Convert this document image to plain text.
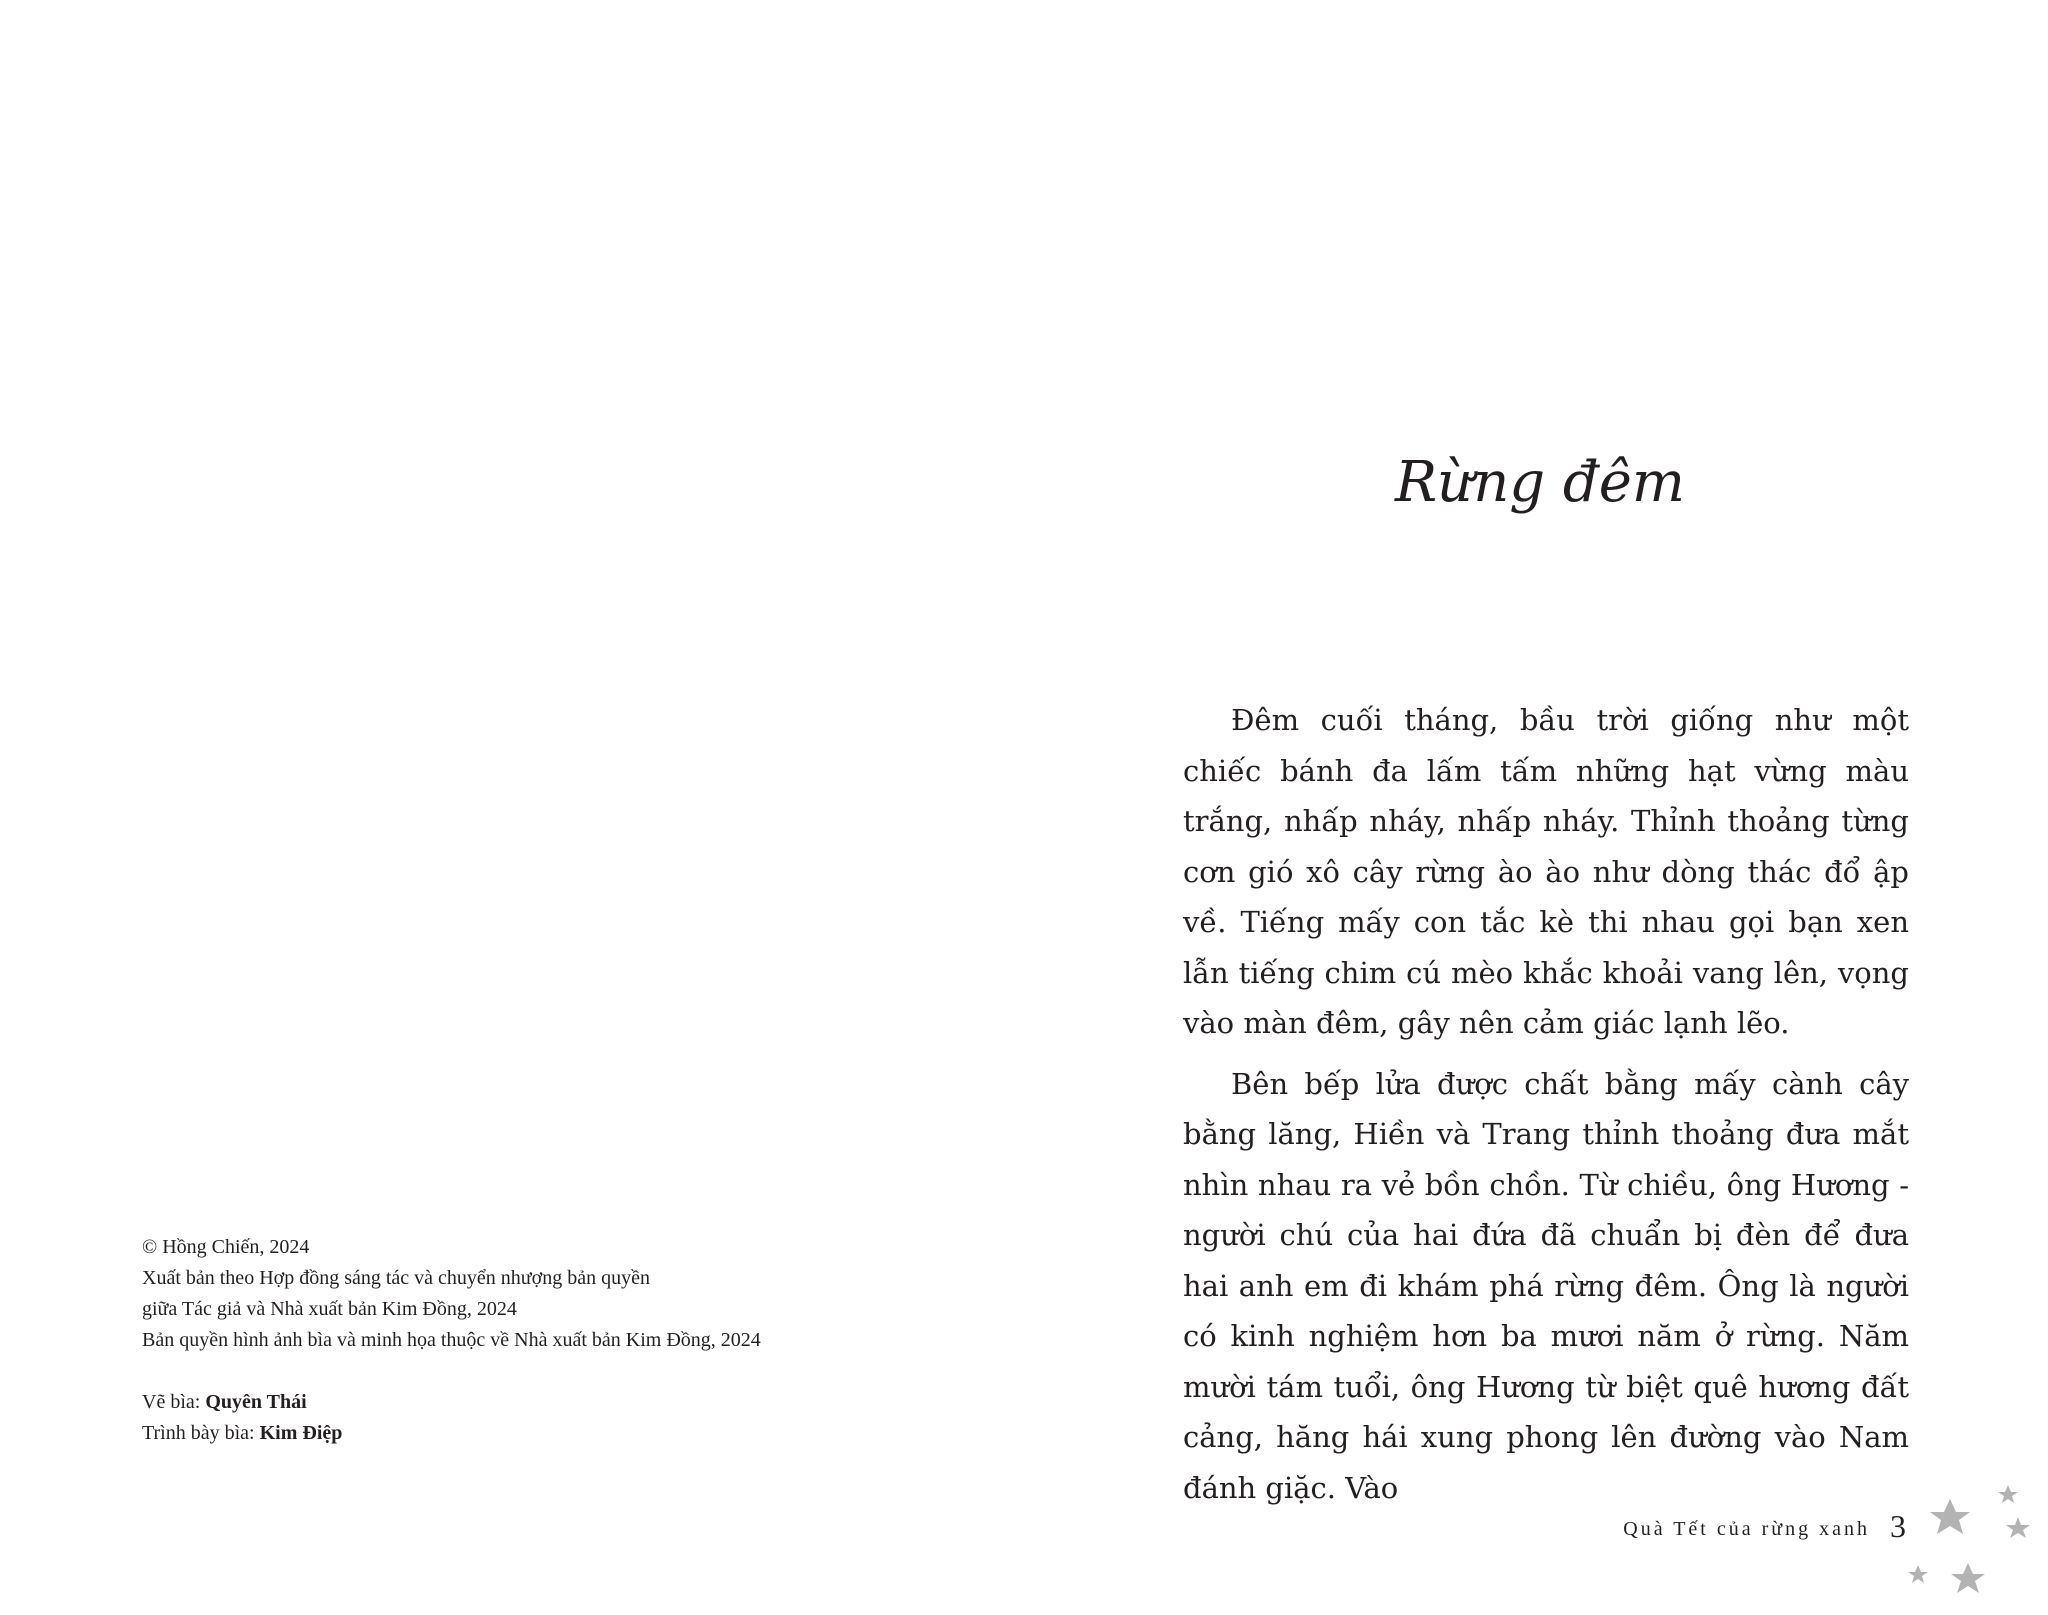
© Hồng Chiến, 2024
Xuất bản theo Hợp đồng sáng tác và chuyển nhượng bản quyền
giữa Tác giả và Nhà xuất bản Kim Đồng, 2024
Bản quyền hình ảnh bìa và minh họa thuộc về Nhà xuất bản Kim Đồng, 2024
Vẽ bìa: Quyên Thái
Trình bày bìa: Kim Điệp
Rừng đêm

Đêm cuối tháng, bầu trời giống như một chiếc bánh đa lấm tấm những hạt vừng màu trắng, nhấp nháy, nhấp nháy. Thỉnh thoảng từng cơn gió xô cây rừng ào ào như dòng thác đổ ập về. Tiếng mấy con tắc kè thi nhau gọi bạn xen lẫn tiếng chim cú mèo khắc khoải vang lên, vọng vào màn đêm, gây nên cảm giác lạnh lẽo.

Bên bếp lửa được chất bằng mấy cành cây bằng lăng, Hiền và Trang thỉnh thoảng đưa mắt nhìn nhau ra vẻ bồn chồn. Từ chiều, ông Hương - người chú của hai đứa đã chuẩn bị đèn để đưa hai anh em đi khám phá rừng đêm. Ông là người có kinh nghiệm hơn ba mươi năm ở rừng. Năm mười tám tuổi, ông Hương từ biệt quê hương đất cảng, hăng hái xung phong lên đường vào Nam đánh giặc. Vào

Quà Tết của rừng xanh 3
